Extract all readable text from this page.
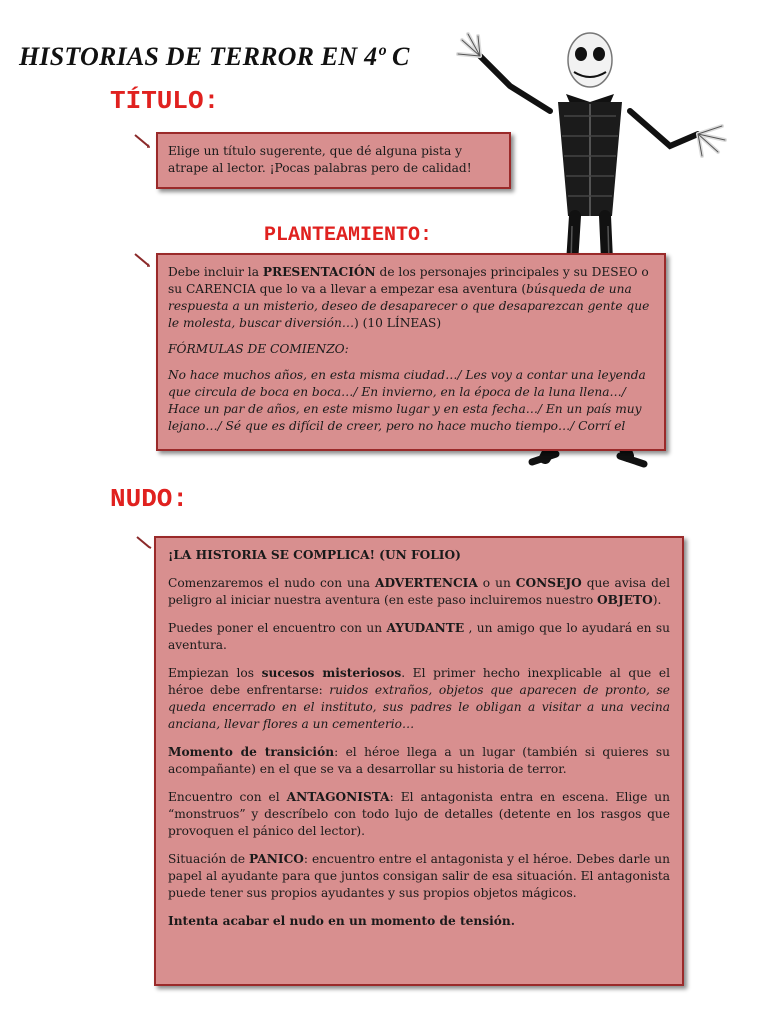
HISTORIAS DE TERROR EN 4º C
TÍTULO:

Elige un título sugerente, que dé alguna pista y atrape al lector. ¡Pocas palabras pero de calidad!

PLANTEAMIENTO:

Debe incluir la PRESENTACIÓN de los personajes principales y su DESEO o su CARENCIA que lo va a llevar a empezar esa aventura (búsqueda de una respuesta a un misterio, deseo de desaparecer o que desaparezcan gente que le molesta, buscar diversión…) (10 LÍNEAS)

FÓRMULAS DE COMIENZO:

No hace muchos años, en esta misma ciudad…/ Les voy a contar una leyenda que circula de boca en boca…/ En invierno, en la época de la luna llena…/ Hace un par de años, en este mismo lugar y en esta fecha…/ En un país muy lejano…/ Sé que es difícil de creer, pero no hace mucho tiempo…/ Corrí el

NUDO:

¡LA HISTORIA SE COMPLICA! (UN FOLIO)

Comenzaremos el nudo con una ADVERTENCIA o un CONSEJO que avisa del peligro al iniciar nuestra aventura (en este paso incluiremos nuestro OBJETO).

Puedes poner el encuentro con un AYUDANTE , un amigo que lo ayudará en su aventura.

Empiezan los sucesos misteriosos. El primer hecho inexplicable al que el héroe debe enfrentarse: ruidos extraños, objetos que aparecen de pronto, se queda encerrado en el instituto, sus padres le obligan a visitar a una vecina anciana, llevar flores a un cementerio…

Momento de transición: el héroe llega a un lugar (también si quieres su acompañante) en el que se va a desarrollar su historia de terror.

Encuentro con el ANTAGONISTA: El antagonista entra en escena. Elige un “monstruos” y descríbelo con todo lujo de detalles (detente en los rasgos que provoquen el pánico del lector).

Situación de PANICO: encuentro entre el antagonista y el héroe. Debes darle un papel al ayudante para que juntos consigan salir de esa situación. El antagonista puede tener sus propios ayudantes y sus propios objetos mágicos.

Intenta acabar el nudo en un momento de tensión.
